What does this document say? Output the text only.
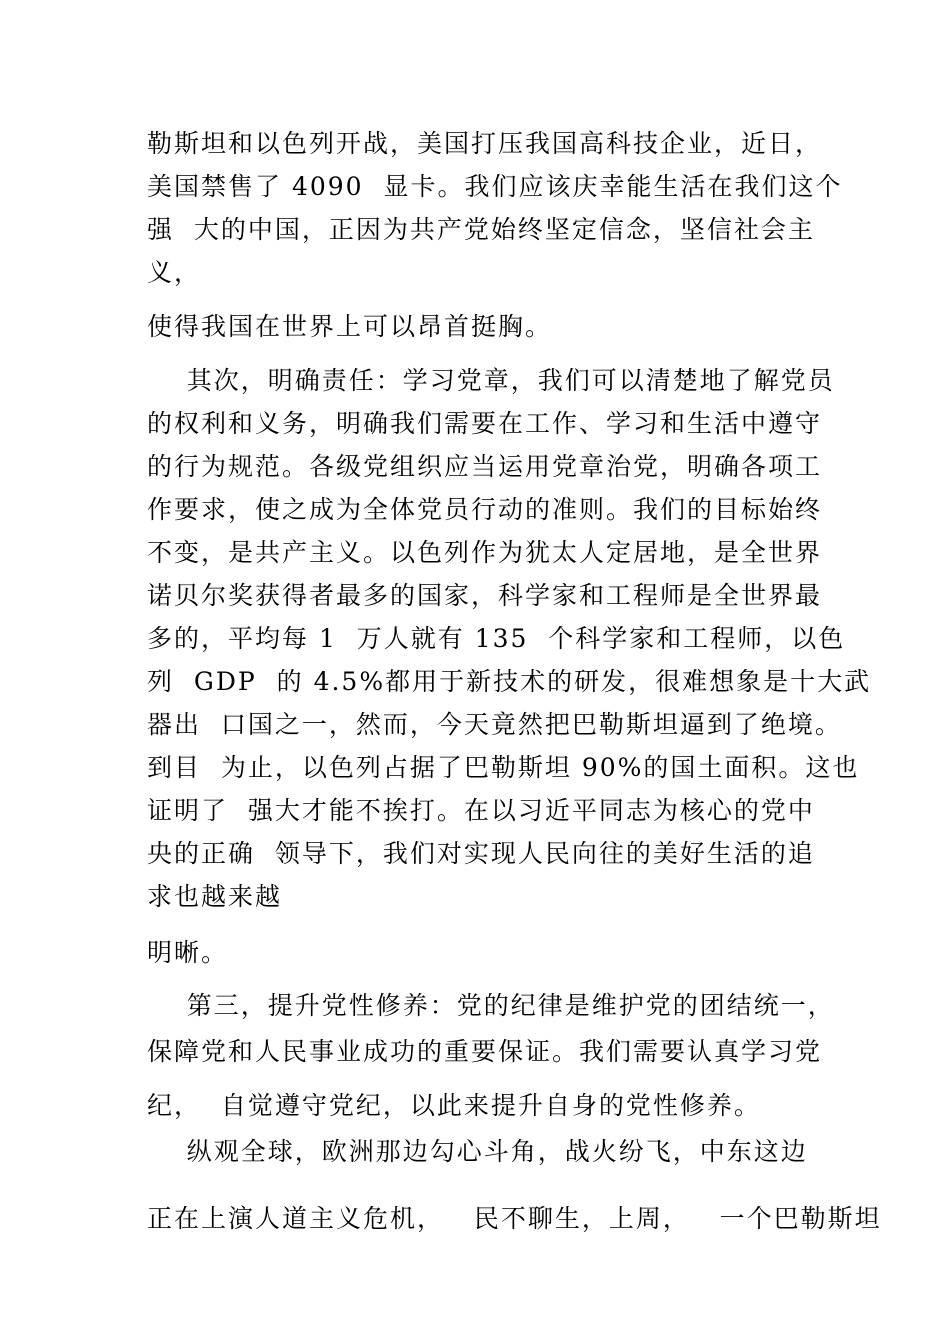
勒斯坦和以色列开战，美国打压我国高科技企业，近日，
美国禁售了 4090  显卡。我们应该庆幸能生活在我们这个
强  大的中国，正因为共产党始终坚定信念，坚信社会主
义，
使得我国在世界上可以昂首挺胸。
其次，明确责任：学习党章，我们可以清楚地了解党员
的权利和义务，明确我们需要在工作、学习和生活中遵守
的行为规范。各级党组织应当运用党章治党，明确各项工
作要求，使之成为全体党员行动的准则。我们的目标始终
不变，是共产主义。以色列作为犹太人定居地，是全世界
诺贝尔奖获得者最多的国家，科学家和工程师是全世界最
多的，平均每 1  万人就有 135  个科学家和工程师，以色
列  GDP  的 4.5%都用于新技术的研发，很难想象是十大武
器出  口国之一，然而，今天竟然把巴勒斯坦逼到了绝境。
到目  为止，以色列占据了巴勒斯坦 90%的国土面积。这也
证明了  强大才能不挨打。在以习近平同志为核心的党中
央的正确  领导下，我们对实现人民向往的美好生活的追
求也越来越
明晰。
第三，提升党性修养：党的纪律是维护党的团结统一，
保障党和人民事业成功的重要保证。我们需要认真学习党
纪，  自觉遵守党纪，以此来提升自身的党性修养。
纵观全球，欧洲那边勾心斗角，战火纷飞，中东这边
正在上演人道主义危机，   民不聊生，上周，   一个巴勒斯坦
